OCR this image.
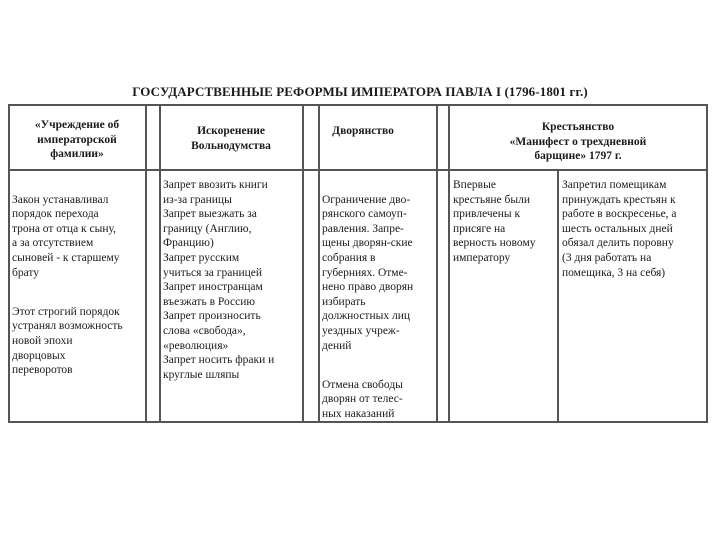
ГОСУДАРСТВЕННЫЕ РЕФОРМЫ ИМПЕРАТОРА ПАВЛА I (1796-1801 гг.)
«Учреждение об
императорской
фамилии»
Искоренение
Вольнодумства
Дворянство	Крестьянство
«Манифест о трехдневной
барщине» 1797 г.

Закон устанавливал
порядок перехода
трона от отца к сыну,
а за отсутствием
сыновей - к старшему
брату

Этот строгий порядок
устранял возможность
новой эпохи
дворцовых
переворотов

Запрет ввозить книги
из-за границы
Запрет выезжать за
границу (Англию,
Францию)
Запрет русским
учиться за границей
Запрет иностранцам
въезжать в Россию
Запрет произносить
слова «свобода»,
«революция»
Запрет носить фраки и
круглые шляпы

Ограничение дво-
рянского самоуп-
равления. Запре-
щены дворян-ские
собрания в
губерниях. Отме-
нено право дворян
избирать
должностных лиц
уездных учреж-
дений

Отмена свободы
дворян от телес-
ных наказаний

Впервые
крестьяне были
привлечены к
присяге на
верность новому
императору
Запретил помещикам
принуждать крестьян к
работе в воскресенье, а
шесть остальных дней
обязал делить поровну
(3 дня работать на
помещика, 3 на себя)
